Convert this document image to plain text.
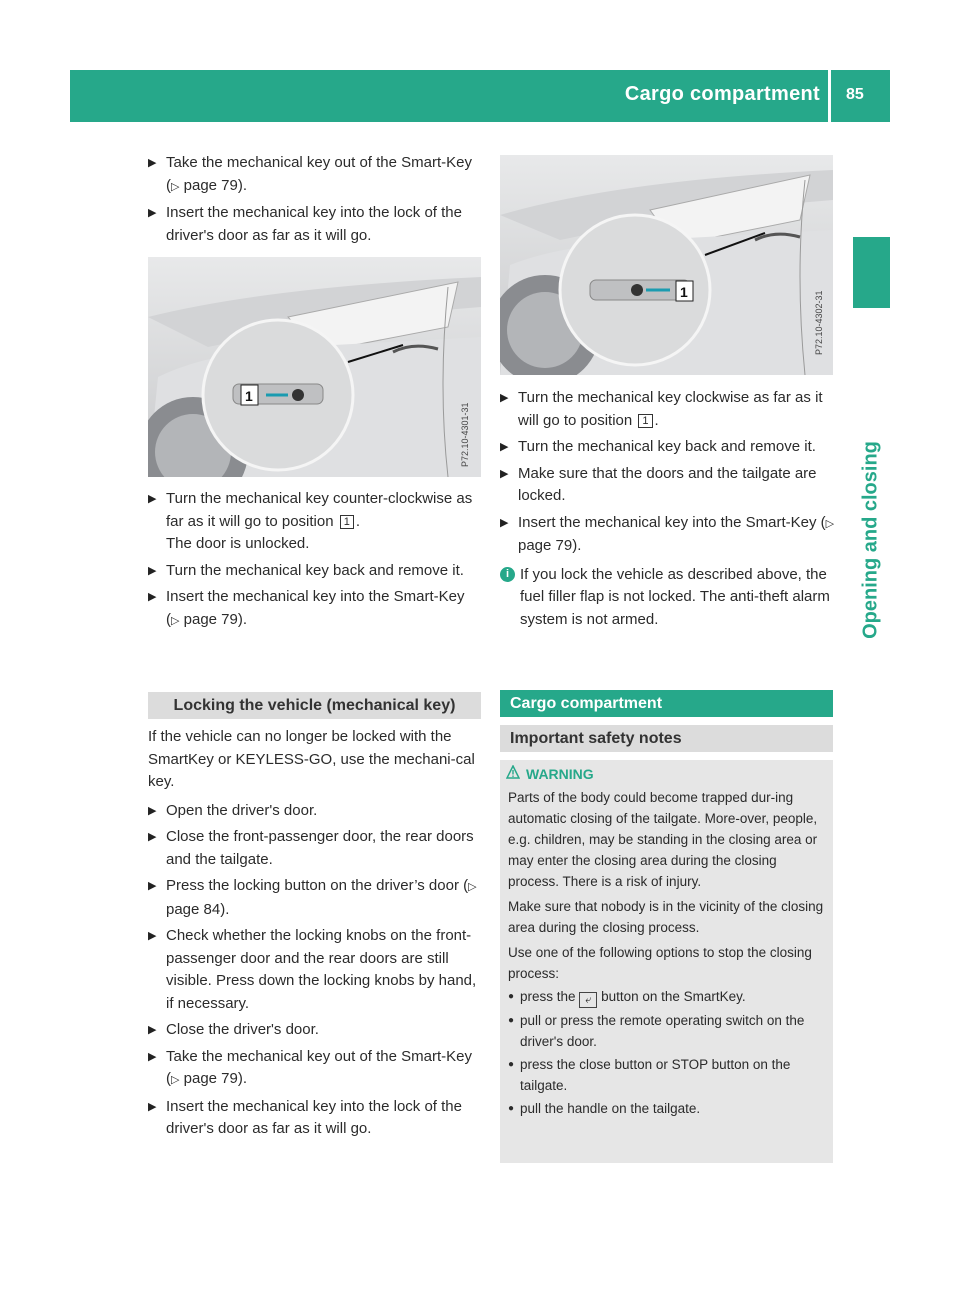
Cargo compartment 85
Opening and closing
▶ Take the mechanical key out of the Smart-Key (▷ page 79).
▶ Insert the mechanical key into the lock of the driver's door as far as it will go.
P72.10-4301-31
1
▶ Turn the mechanical key counter-clockwise as far as it will go to position 1 .
The door is unlocked.
▶ Turn the mechanical key back and remove it.
▶ Insert the mechanical key into the Smart-Key (▷ page 79).
Locking the vehicle (mechanical key)

If the vehicle can no longer be locked with the SmartKey or KEYLESS-GO, use the mechani-cal key.

▶ Open the driver's door.
▶ Close the front-passenger door, the rear doors and the tailgate.
▶ Press the locking button on the driver’s door (▷ page 84).
▶ Check whether the locking knobs on the front-passenger door and the rear doors are still visible. Press down the locking knobs by hand, if necessary.
▶ Close the driver's door.
▶ Take the mechanical key out of the Smart-Key (▷ page 79).
▶ Insert the mechanical key into the lock of the driver's door as far as it will go.
P72.10-4302-31
1
▶ Turn the mechanical key clockwise as far as it will go to position 1 .
▶ Turn the mechanical key back and remove it.
▶ Make sure that the doors and the tailgate are locked.
▶ Insert the mechanical key into the Smart-Key (▷ page 79).
i If you lock the vehicle as described above, the fuel filler flap is not locked. The anti-theft alarm system is not armed.
Cargo compartment
Important safety notes
WARNING

Parts of the body could become trapped dur-ing automatic closing of the tailgate. More-over, people, e.g. children, may be standing in the closing area or may enter the closing area during the closing process. There is a risk of injury.

Make sure that nobody is in the vicinity of the closing area during the closing process.

Use one of the following options to stop the closing process:

● press the ⤶ button on the SmartKey.
● pull or press the remote operating switch on the driver's door.
● press the close button or STOP button on the tailgate.
● pull the handle on the tailgate.
